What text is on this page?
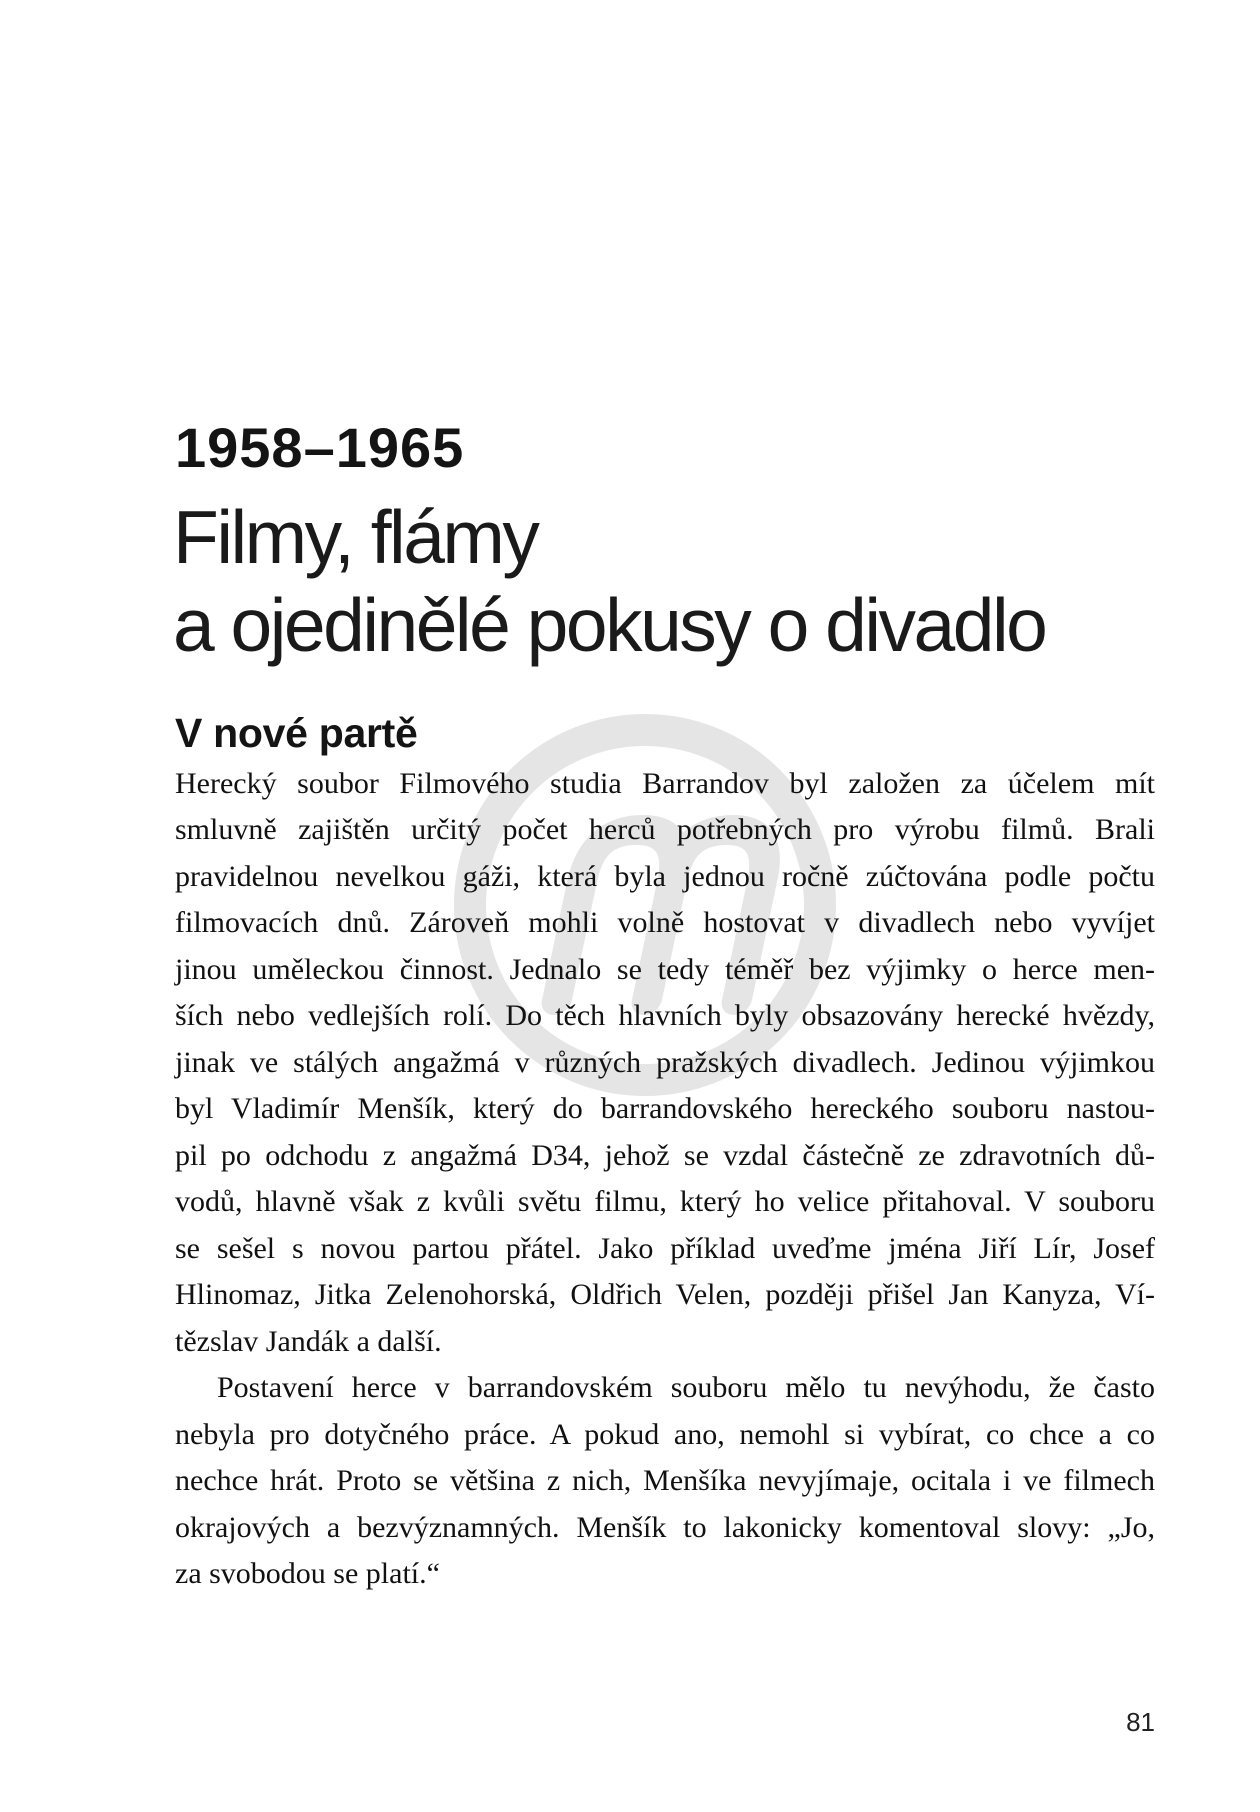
1958–1965
Filmy, flámy
a ojedinělé pokusy o divadlo
V nové partě
Herecký soubor Filmového studia Barrandov byl založen za účelem mít
smluvně zajištěn určitý počet herců potřebných pro výrobu filmů. Brali
pravidelnou nevelkou gáži, která byla jednou ročně zúčtována podle počtu
filmovacích dnů. Zároveň mohli volně hostovat v divadlech nebo vyvíjet
jinou uměleckou činnost. Jednalo se tedy téměř bez výjimky o herce men-
ších nebo vedlejších rolí. Do těch hlavních byly obsazovány herecké hvězdy,
jinak ve stálých angažmá v různých pražských divadlech. Jedinou výjimkou
byl Vladimír Menšík, který do barrandovského hereckého souboru nastou-
pil po odchodu z angažmá D34, jehož se vzdal částečně ze zdravotních dů-
vodů, hlavně však z kvůli světu filmu, který ho velice přitahoval. V souboru
se sešel s novou partou přátel. Jako příklad uveďme jména Jiří Lír, Josef
Hlinomaz, Jitka Zelenohorská, Oldřich Velen, později přišel Jan Kanyza, Ví-
tězslav Jandák a další.
Postavení herce v barrandovském souboru mělo tu nevýhodu, že často
nebyla pro dotyčného práce. A pokud ano, nemohl si vybírat, co chce a co
nechce hrát. Proto se většina z nich, Menšíka nevyjímaje, ocitala i ve filmech
okrajových a bezvýznamných. Menšík to lakonicky komentoval slovy: „Jo,
za svobodou se platí.“
81
